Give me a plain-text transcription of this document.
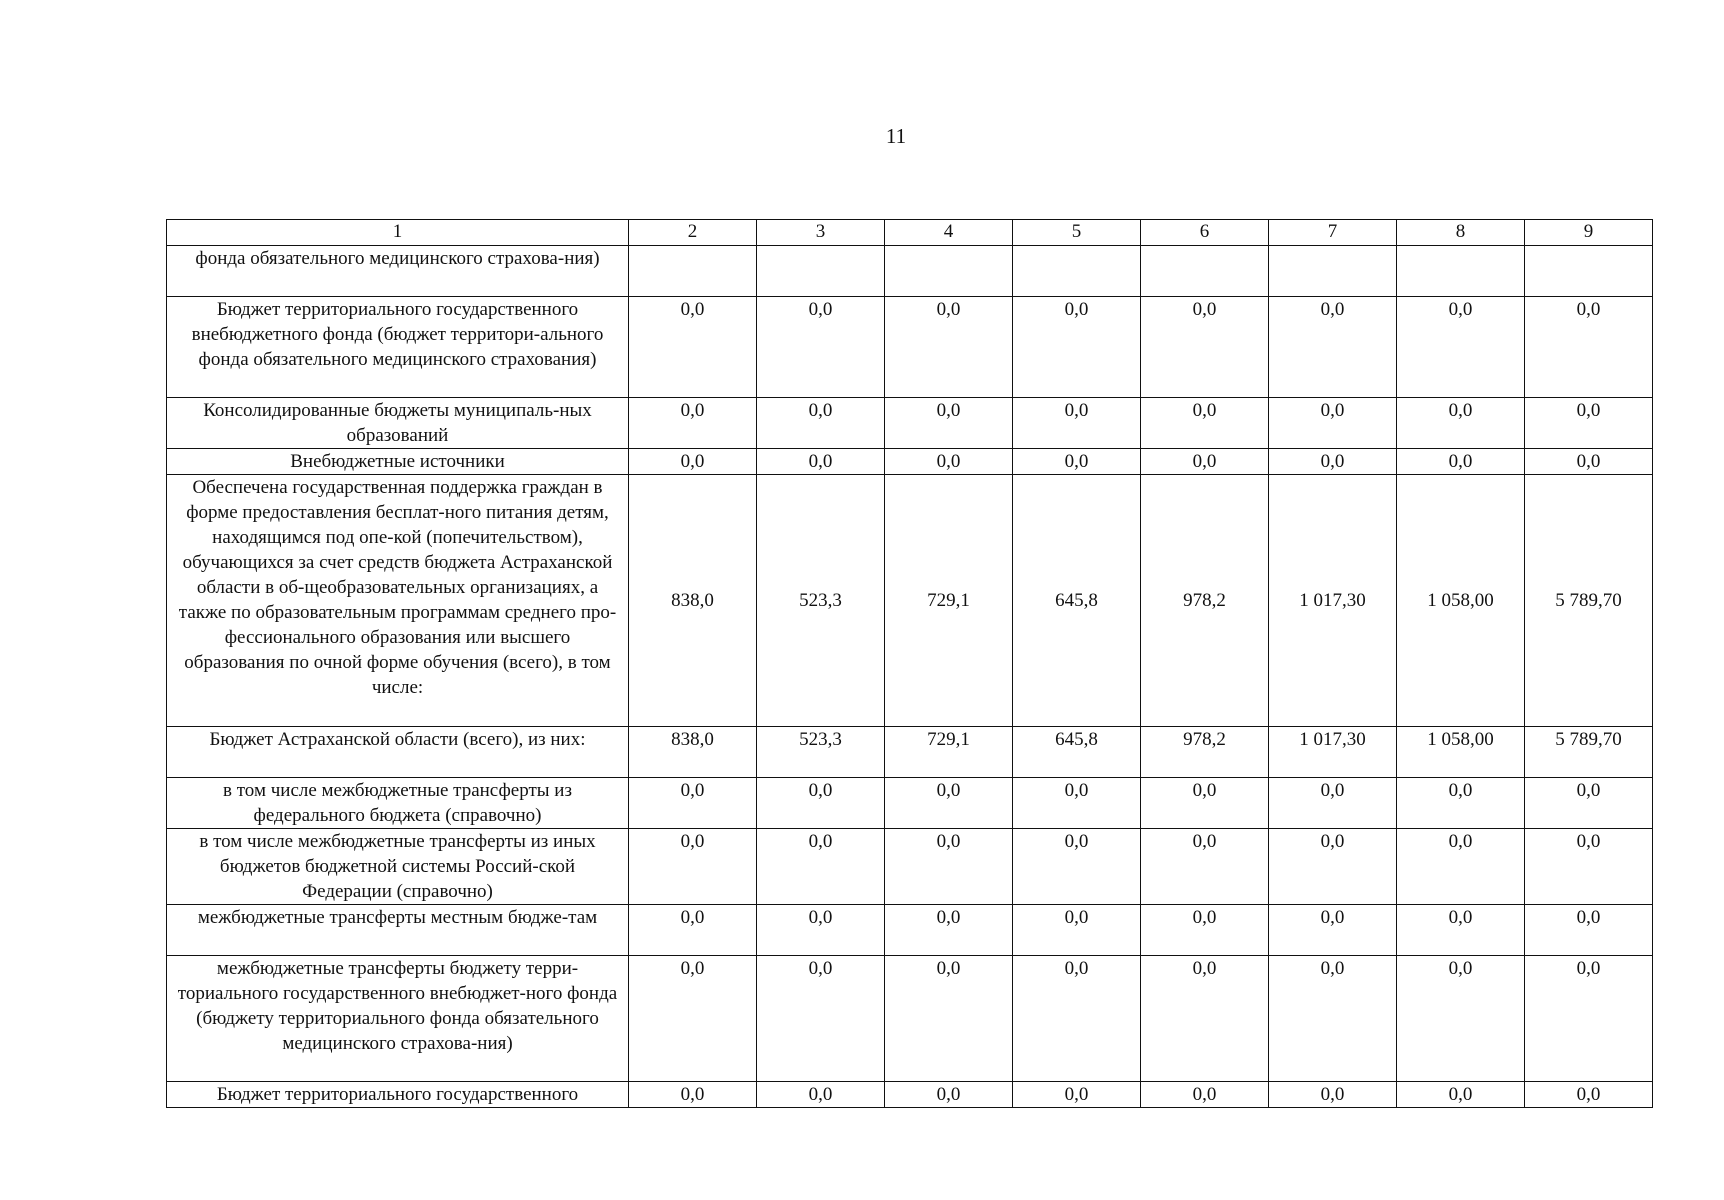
11
1	2	3	4	5	6	7	8	9
фонда обязательного медицинского страхова-ния)								
Бюджет территориального государственного внебюджетного фонда (бюджет территори-ального фонда обязательного медицинского страхования)	0,0	0,0	0,0	0,0	0,0	0,0	0,0	0,0
Консолидированные бюджеты муниципаль-ных образований	0,0	0,0	0,0	0,0	0,0	0,0	0,0	0,0
Внебюджетные источники	0,0	0,0	0,0	0,0	0,0	0,0	0,0	0,0
Обеспечена государственная поддержка граждан в форме предоставления бесплат-ного питания детям, находящимся под опе-кой (попечительством), обучающихся за счет средств бюджета Астраханской области в об-щеобразовательных организациях, а также по образовательным программам среднего про-фессионального образования или высшего образования по очной форме обучения (всего), в том числе:	838,0	523,3	729,1	645,8	978,2	1 017,30	1 058,00	5 789,70
Бюджет Астраханской области (всего), из них:	838,0	523,3	729,1	645,8	978,2	1 017,30	1 058,00	5 789,70
в том числе межбюджетные трансферты из федерального бюджета (справочно)	0,0	0,0	0,0	0,0	0,0	0,0	0,0	0,0
в том числе межбюджетные трансферты из иных бюджетов бюджетной системы Россий-ской Федерации (справочно)	0,0	0,0	0,0	0,0	0,0	0,0	0,0	0,0
межбюджетные трансферты местным бюдже-там	0,0	0,0	0,0	0,0	0,0	0,0	0,0	0,0
межбюджетные трансферты бюджету терри-ториального государственного внебюджет-ного фонда (бюджету территориального фонда обязательного медицинского страхова-ния)	0,0	0,0	0,0	0,0	0,0	0,0	0,0	0,0
Бюджет территориального государственного	0,0	0,0	0,0	0,0	0,0	0,0	0,0	0,0
